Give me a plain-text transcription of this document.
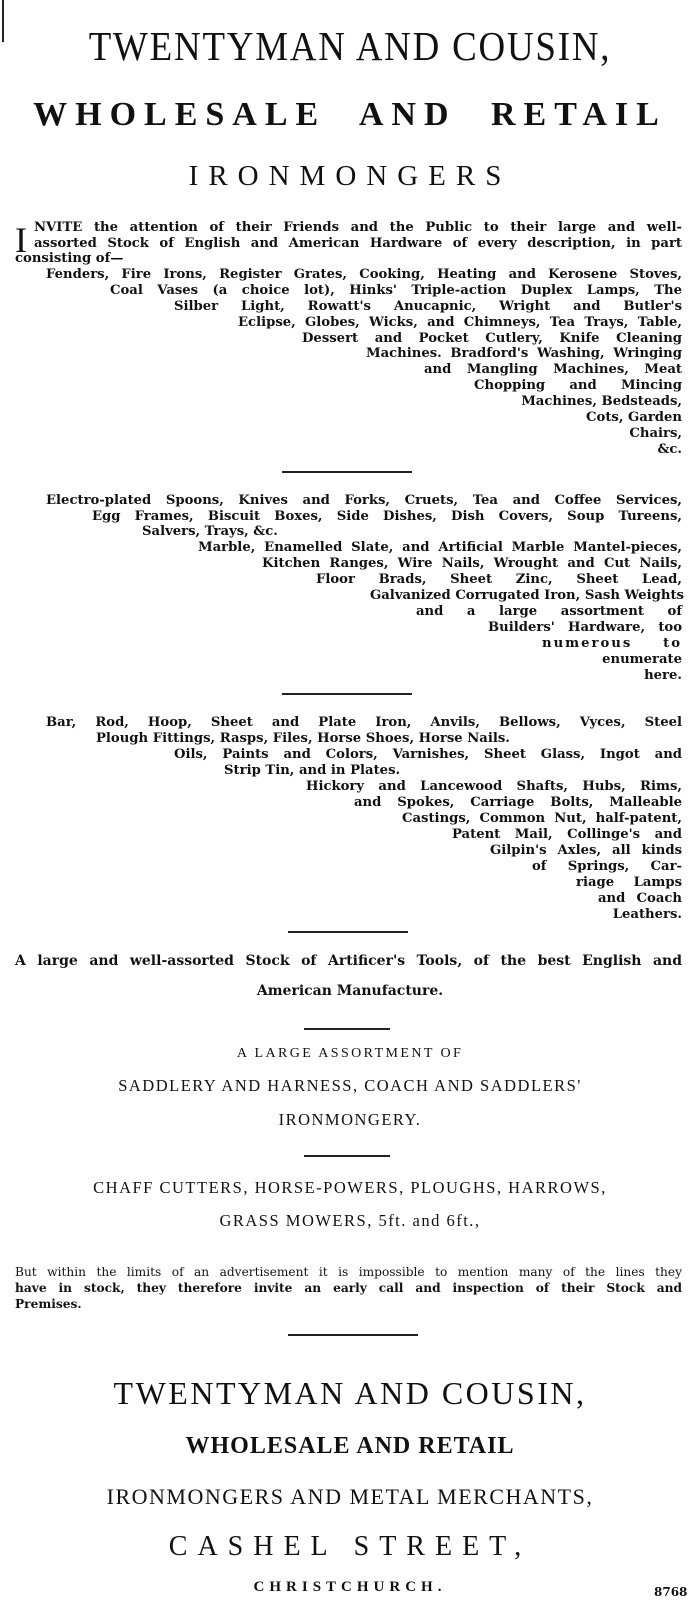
TWENTYMAN AND COUSIN,
WHOLESALE AND RETAIL
IRONMONGERS
I NVITE the attention of their Friends and the Public to their large and well-
assorted Stock of English and American Hardware of every description, in part
consisting of—
Fenders, Fire Irons, Register Grates, Cooking, Heating and Kerosene Stoves,
Coal Vases (a choice lot), Hinks' Triple-action Duplex Lamps, The
Silber Light, Rowatt's Anucapnic, Wright and Butler's
Eclipse, Globes, Wicks, and Chimneys, Tea Trays, Table,
Dessert and Pocket Cutlery, Knife Cleaning
Machines. Bradford's Washing, Wringing
and Mangling Machines, Meat
Chopping and Mincing
Machines, Bedsteads,
Cots, Garden
Chairs,
&c.
Electro-plated Spoons, Knives and Forks, Cruets, Tea and Coffee Services,
Egg Frames, Biscuit Boxes, Side Dishes, Dish Covers, Soup Tureens,
Salvers, Trays, &c.
Marble, Enamelled Slate, and Artificial Marble Mantel-pieces,
Kitchen Ranges, Wire Nails, Wrought and Cut Nails,
Floor Brads, Sheet Zinc, Sheet Lead,
Galvanized Corrugated Iron, Sash Weights
and a large assortment of
Builders' Hardware, too
numerous to
enumerate
here.
Bar, Rod, Hoop, Sheet and Plate Iron, Anvils, Bellows, Vyces, Steel
Plough Fittings, Rasps, Files, Horse Shoes, Horse Nails.
Oils, Paints and Colors, Varnishes, Sheet Glass, Ingot and
Strip Tin, and in Plates.
Hickory and Lancewood Shafts, Hubs, Rims,
and Spokes, Carriage Bolts, Malleable
Castings, Common Nut, half-patent,
Patent Mail, Collinge's and
Gilpin's Axles, all kinds
of Springs, Car-
riage Lamps
and Coach
Leathers.
A large and well-assorted Stock of Artificer's Tools, of the best English and
American Manufacture.
A LARGE ASSORTMENT OF
SADDLERY AND HARNESS, COACH AND SADDLERS'
IRONMONGERY.
CHAFF CUTTERS, HORSE-POWERS, PLOUGHS, HARROWS,
GRASS MOWERS, 5ft. and 6ft.,
But within the limits of an advertisement it is impossible to mention many of the lines they
have in stock, they therefore invite an early call and inspection of their Stock and
Premises.
TWENTYMAN AND COUSIN,
WHOLESALE AND RETAIL
IRONMONGERS AND METAL MERCHANTS,
CASHEL STREET,
CHRISTCHURCH.	8768
